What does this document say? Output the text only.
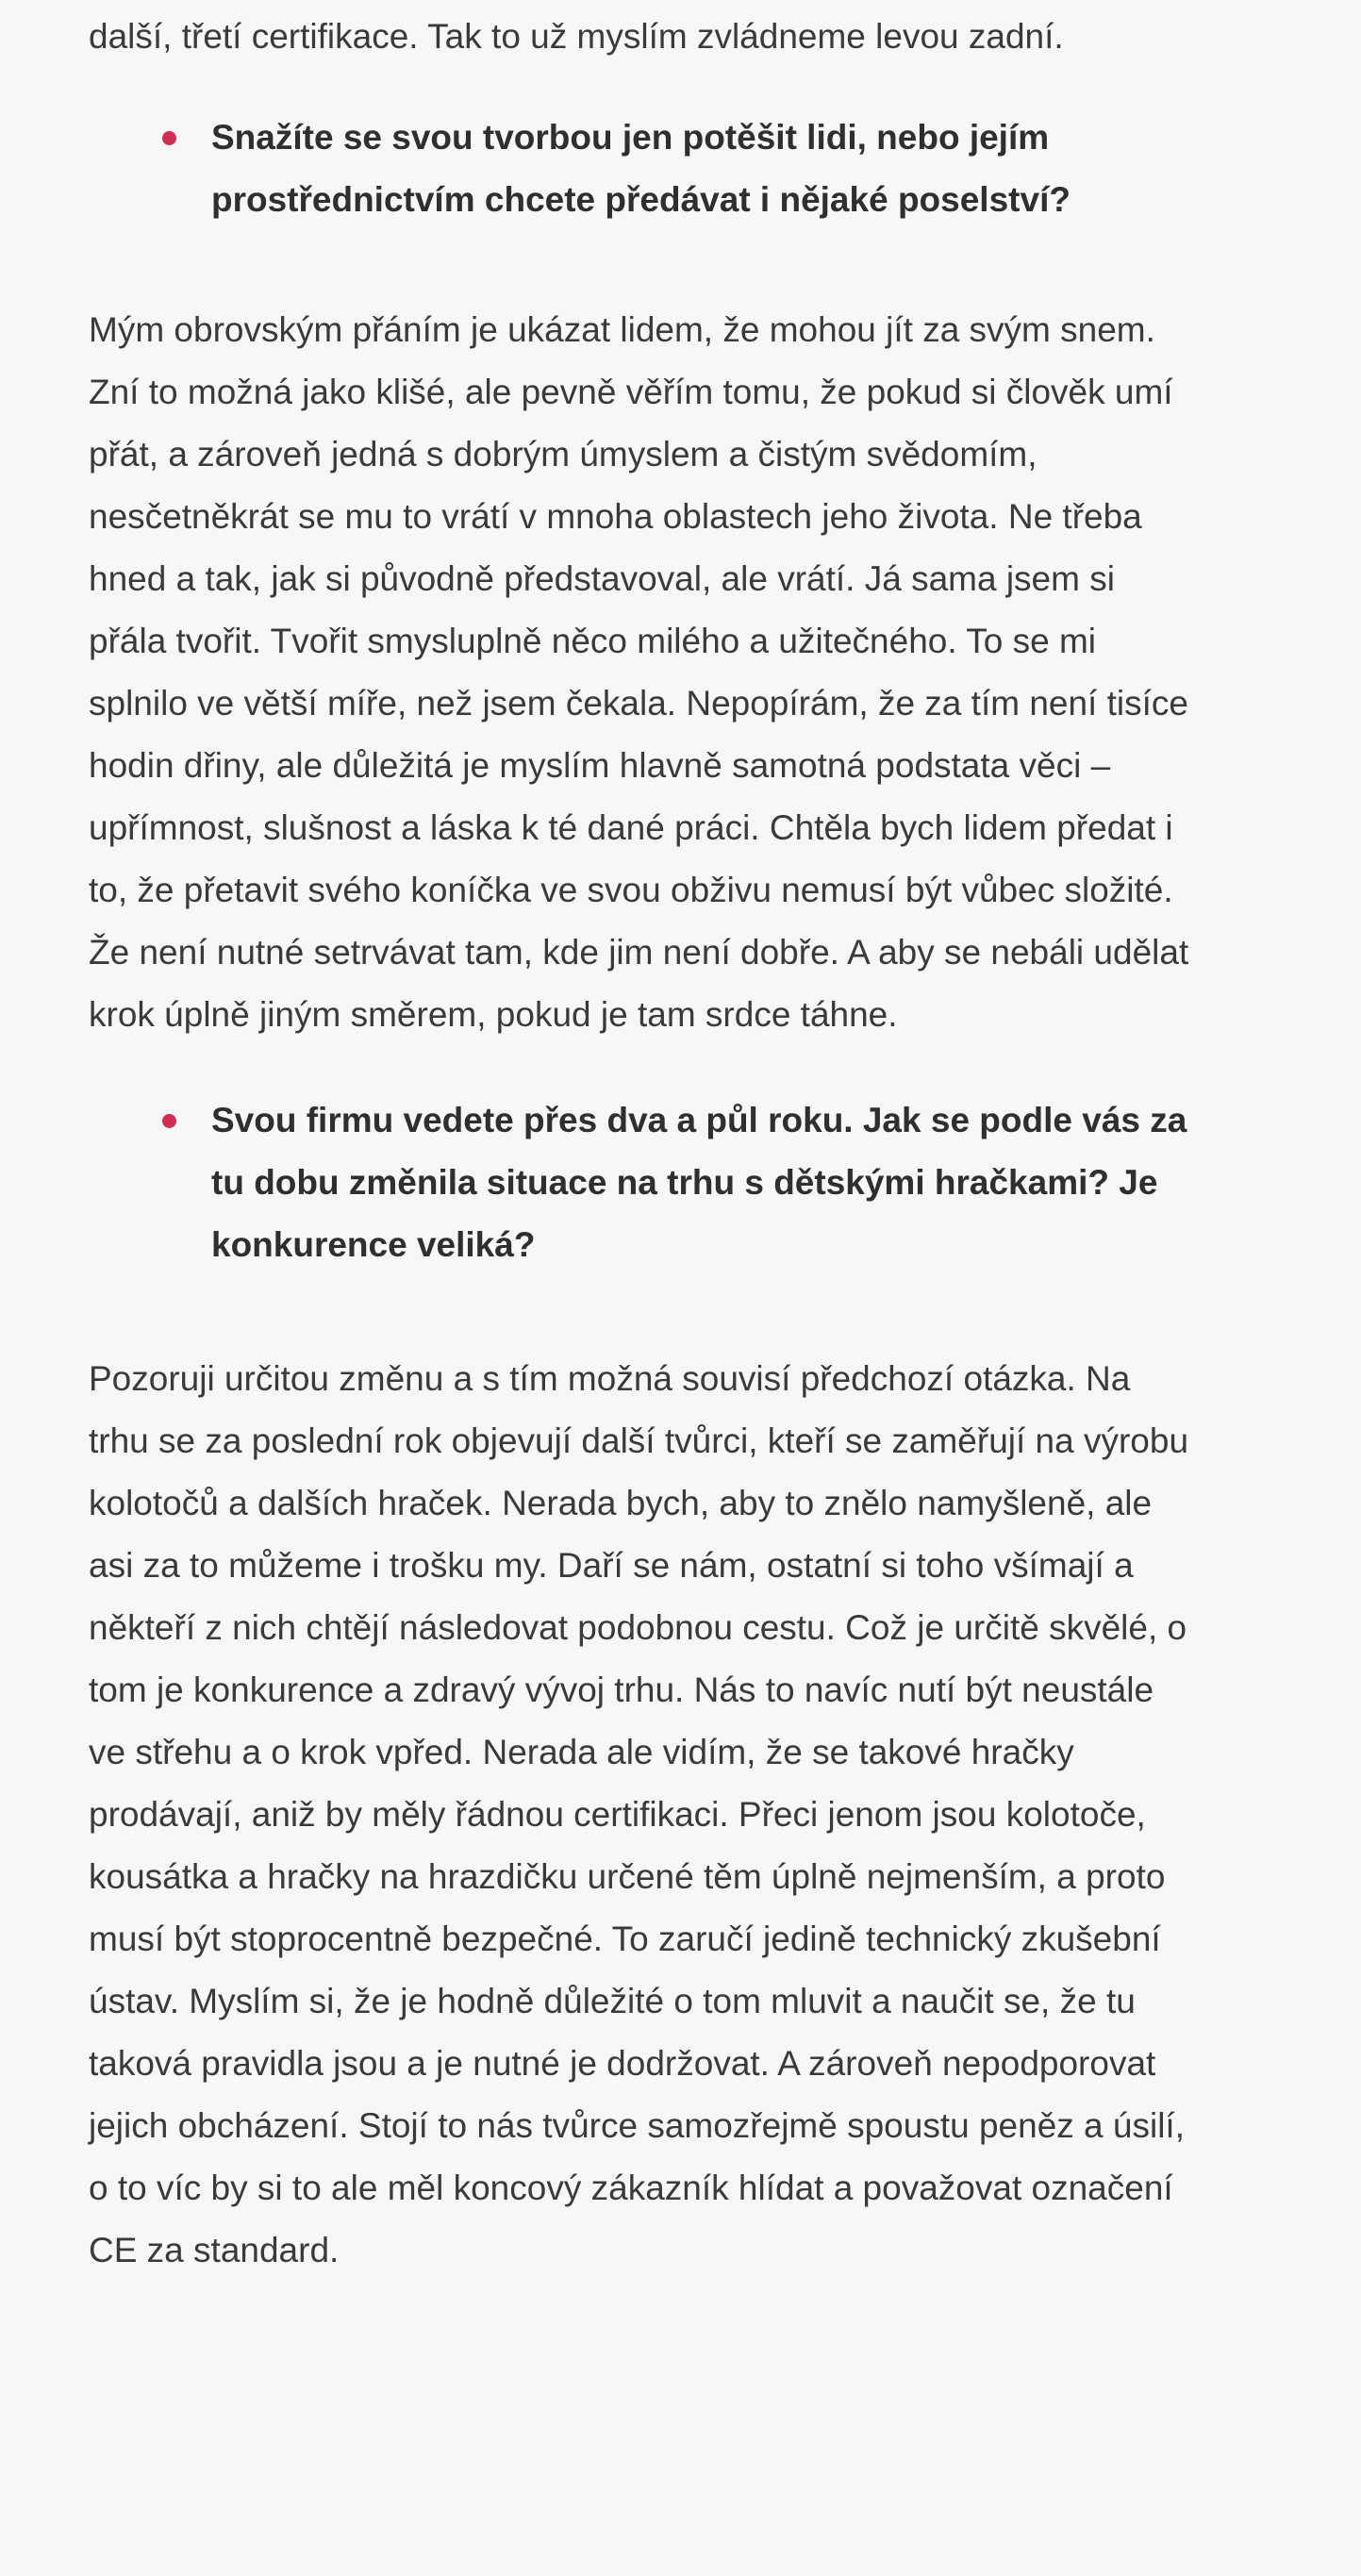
další, třetí certifikace. Tak to už myslím zvládneme levou zadní.

Snažíte se svou tvorbou jen potěšit lidi, nebo jejím
prostřednictvím chcete předávat i nějaké poselství?
Mým obrovským přáním je ukázat lidem, že mohou jít za svým snem.
Zní to možná jako klišé, ale pevně věřím tomu, že pokud si člověk umí
přát, a zároveň jedná s dobrým úmyslem a čistým svědomím,
nesčetněkrát se mu to vrátí v mnoha oblastech jeho života. Ne třeba
hned a tak, jak si původně představoval, ale vrátí. Já sama jsem si
přála tvořit. Tvořit smysluplně něco milého a užitečného. To se mi
splnilo ve větší míře, než jsem čekala. Nepopírám, že za tím není tisíce
hodin dřiny, ale důležitá je myslím hlavně samotná podstata věci –
upřímnost, slušnost a láska k té dané práci. Chtěla bych lidem předat i
to, že přetavit svého koníčka ve svou obživu nemusí být vůbec složité.
Že není nutné setrvávat tam, kde jim není dobře. A aby se nebáli udělat
krok úplně jiným směrem, pokud je tam srdce táhne.
Svou firmu vedete přes dva a půl roku. Jak se podle vás za
tu dobu změnila situace na trhu s dětskými hračkami? Je
konkurence veliká?
Pozoruji určitou změnu a s tím možná souvisí předchozí otázka. Na
trhu se za poslední rok objevují další tvůrci, kteří se zaměřují na výrobu
kolotočů a dalších hraček. Nerada bych, aby to znělo namyšleně, ale
asi za to můžeme i trošku my. Daří se nám, ostatní si toho všímají a
někteří z nich chtějí následovat podobnou cestu. Což je určitě skvělé, o
tom je konkurence a zdravý vývoj trhu. Nás to navíc nutí být neustále
ve střehu a o krok vpřed. Nerada ale vidím, že se takové hračky
prodávají, aniž by měly řádnou certifikaci. Přeci jenom jsou kolotoče,
kousátka a hračky na hrazdičku určené těm úplně nejmenším, a proto
musí být stoprocentně bezpečné. To zaručí jedině technický zkušební
ústav. Myslím si, že je hodně důležité o tom mluvit a naučit se, že tu
taková pravidla jsou a je nutné je dodržovat. A zároveň nepodporovat
jejich obcházení. Stojí to nás tvůrce samozřejmě spoustu peněz a úsilí,
o to víc by si to ale měl koncový zákazník hlídat a považovat označení
CE za standard.
